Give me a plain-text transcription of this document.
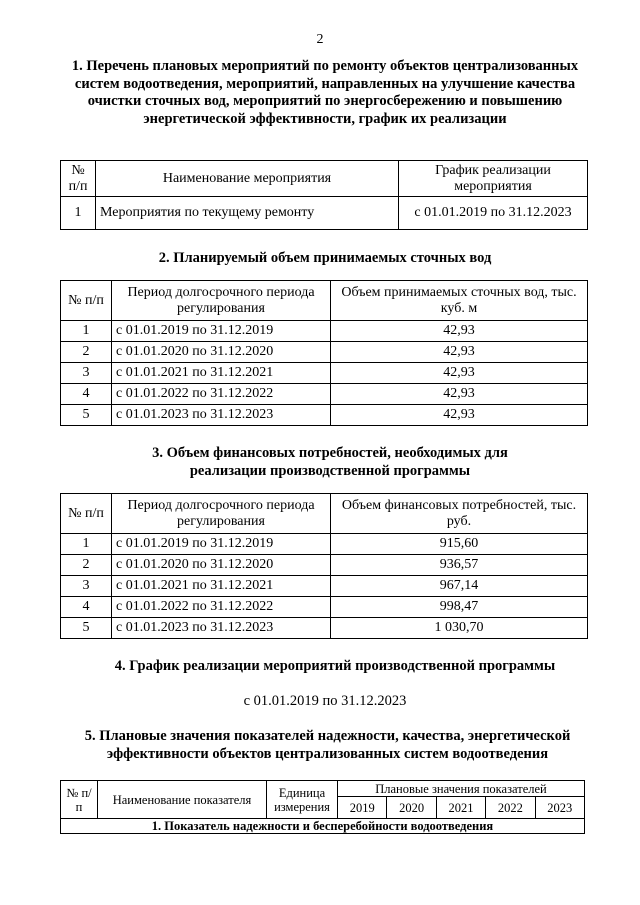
2
1. Перечень плановых мероприятий по ремонту объектов централизованных систем водоотведения, мероприятий, направленных на улучшение качества очистки сточных вод, мероприятий по энергосбережению и повышению энергетической эффективности, график их реализации
№ п/п	Наименование мероприятия	График реализации мероприятия
1	Мероприятия по текущему ремонту	с 01.01.2019 по 31.12.2023
2. Планируемый объем принимаемых сточных вод
№ п/п	Период долгосрочного периода регулирования	Объем принимаемых сточных вод, тыс. куб. м
1	с 01.01.2019 по 31.12.2019	42,93
2	с 01.01.2020 по 31.12.2020	42,93
3	с 01.01.2021 по 31.12.2021	42,93
4	с 01.01.2022 по 31.12.2022	42,93
5	с 01.01.2023 по 31.12.2023	42,93
3. Объем финансовых потребностей, необходимых для реализации производственной программы
№ п/п	Период долгосрочного периода регулирования	Объем финансовых потребностей, тыс. руб.
1	с 01.01.2019 по 31.12.2019	915,60
2	с 01.01.2020 по 31.12.2020	936,57
3	с 01.01.2021 по 31.12.2021	967,14
4	с 01.01.2022 по 31.12.2022	998,47
5	с 01.01.2023 по 31.12.2023	1 030,70
4. График реализации мероприятий производственной программы
с 01.01.2019 по 31.12.2023
5. Плановые значения показателей надежности, качества, энергетической эффективности объектов централизованных систем водоотведения
№ п/п	Наименование показателя	Единица измерения	Плановые значения показателей				
			2019	2020	2021	2022	2023
1. Показатель надежности и бесперебойности водоотведения							
